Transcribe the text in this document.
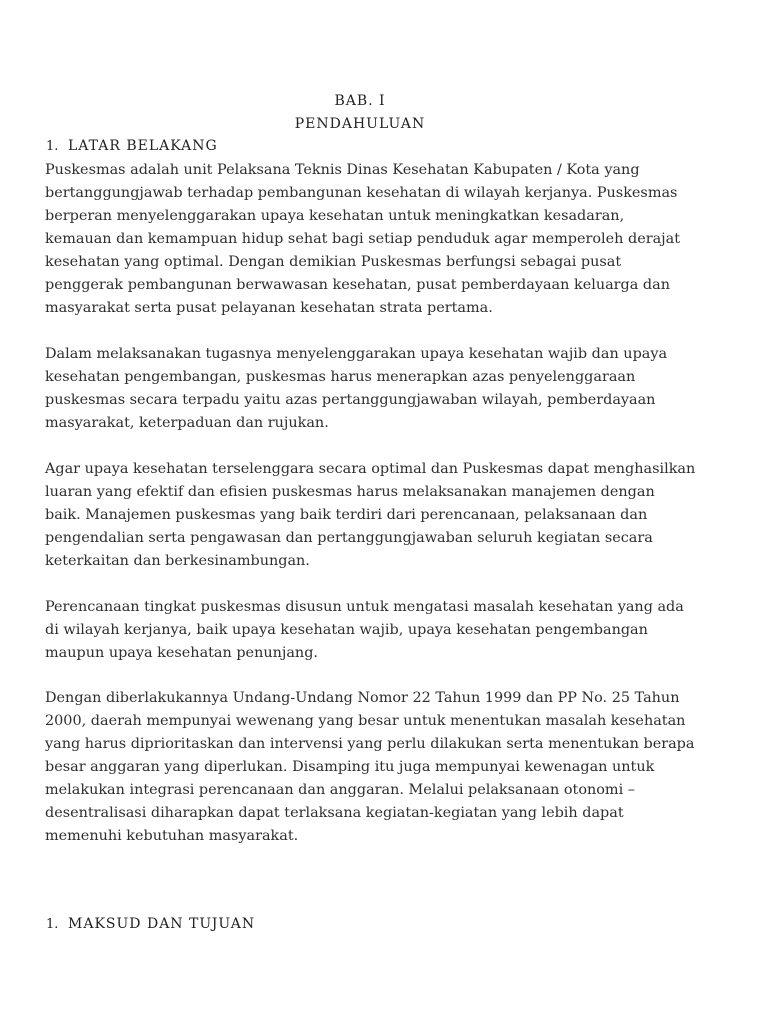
BAB. I
PENDAHULUAN
1. LATAR BELAKANG

Puskesmas adalah unit Pelaksana Teknis Dinas Kesehatan Kabupaten / Kota yang
bertanggungjawab terhadap pembangunan kesehatan di wilayah kerjanya. Puskesmas
berperan menyelenggarakan upaya kesehatan untuk meningkatkan kesadaran,
kemauan dan kemampuan hidup sehat bagi setiap penduduk agar memperoleh derajat
kesehatan yang optimal. Dengan demikian Puskesmas berfungsi sebagai pusat
penggerak pembangunan berwawasan kesehatan, pusat pemberdayaan keluarga dan
masyarakat serta pusat pelayanan kesehatan strata pertama.

Dalam melaksanakan tugasnya menyelenggarakan upaya kesehatan wajib dan upaya
kesehatan pengembangan, puskesmas harus menerapkan azas penyelenggaraan
puskesmas secara terpadu yaitu azas pertanggungjawaban wilayah, pemberdayaan
masyarakat, keterpaduan dan rujukan.

Agar upaya kesehatan terselenggara secara optimal dan Puskesmas dapat menghasilkan
luaran yang efektif dan efisien puskesmas harus melaksanakan manajemen dengan
baik. Manajemen puskesmas yang baik terdiri dari perencanaan, pelaksanaan dan
pengendalian serta pengawasan dan pertanggungjawaban seluruh kegiatan secara
keterkaitan dan berkesinambungan.

Perencanaan tingkat puskesmas disusun untuk mengatasi masalah kesehatan yang ada
di wilayah kerjanya, baik upaya kesehatan wajib, upaya kesehatan pengembangan
maupun upaya kesehatan penunjang.

Dengan diberlakukannya Undang-Undang Nomor 22 Tahun 1999 dan PP No. 25 Tahun
2000, daerah mempunyai wewenang yang besar untuk menentukan masalah kesehatan
yang harus diprioritaskan dan intervensi yang perlu dilakukan serta menentukan berapa
besar anggaran yang diperlukan. Disamping itu juga mempunyai kewenagan untuk
melakukan integrasi perencanaan dan anggaran. Melalui pelaksanaan otonomi –
desentralisasi diharapkan dapat terlaksana kegiatan-kegiatan yang lebih dapat
memenuhi kebutuhan masyarakat.

1. MAKSUD DAN TUJUAN
